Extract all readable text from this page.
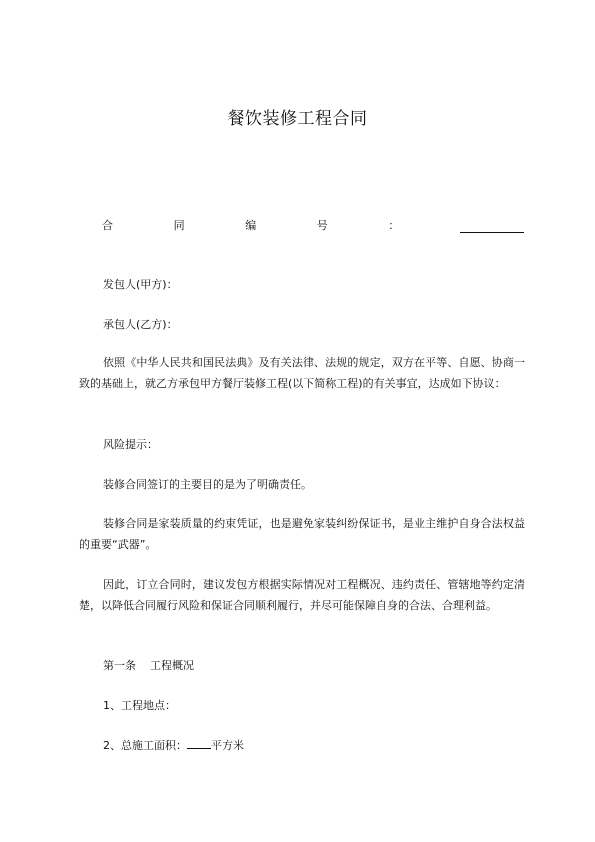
餐饮装修工程合同
合	同	编	号	：

发包人(甲方)：

承包人(乙方)：

依照《中华人民共和国民法典》及有关法律、法规的规定，双方在平等、自愿、协商一致的基础上，就乙方承包甲方餐厅装修工程(以下简称工程)的有关事宜，达成如下协议：

风险提示：

装修合同签订的主要目的是为了明确责任。

装修合同是家装质量的约束凭证，也是避免家装纠纷保证书，是业主维护自身合法权益的重要“武器”。

因此，订立合同时，建议发包方根据实际情况对工程概况、违约责任、管辖地等约定清楚，以降低合同履行风险和保证合同顺利履行，并尽可能保障自身的合法、合理利益。

第一条 工程概况

1、工程地点：

2、总施工面积： 平方米
